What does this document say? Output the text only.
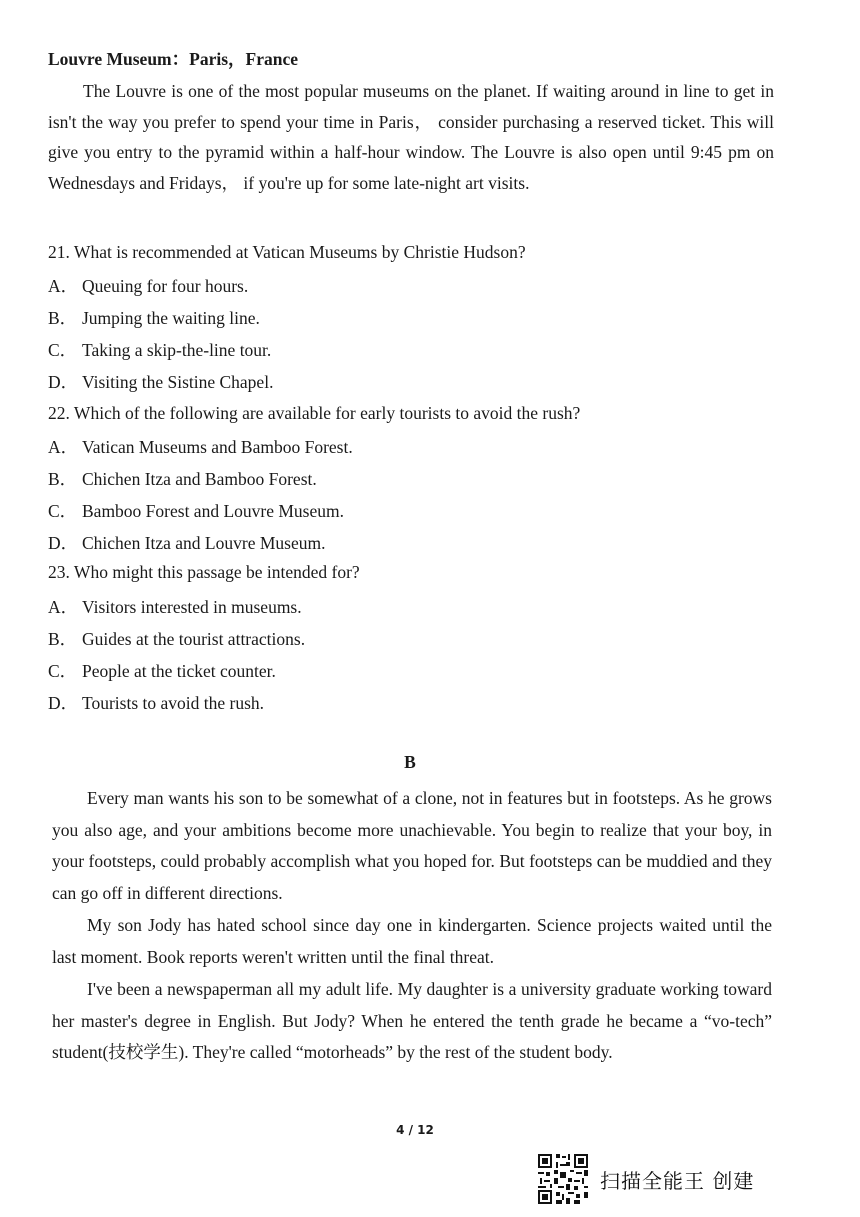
Louvre Museum：Paris，France

The Louvre is one of the most popular museums on the planet. If waiting around in line to get in isn't the way you prefer to spend your time in Paris， consider purchasing a reserved ticket. This will give you entry to the pyramid within a half-hour window. The Louvre is also open until 9:45 pm on Wednesdays and Fridays， if you're up for some late-night art visits.

21. What is recommended at Vatican Museums by Christie Hudson?
A． Queuing for four hours.
B． Jumping the waiting line.
C． Taking a skip-the-line tour.
D． Visiting the Sistine Chapel.
22. Which of the following are available for early tourists to avoid the rush?
A． Vatican Museums and Bamboo Forest.
B． Chichen Itza and Bamboo Forest.
C． Bamboo Forest and Louvre Museum.
D． Chichen Itza and Louvre Museum.
23. Who might this passage be intended for?
A． Visitors interested in museums.
B． Guides at the tourist attractions.
C． People at the ticket counter.
D． Tourists to avoid the rush.
B

Every man wants his son to be somewhat of a clone, not in features but in footsteps. As he grows you also age, and your ambitions become more unachievable. You begin to realize that your boy, in your footsteps, could probably accomplish what you hoped for. But footsteps can be muddied and they can go off in different directions.

My son Jody has hated school since day one in kindergarten. Science projects waited until the last moment. Book reports weren't written until the final threat.

I've been a newspaperman all my adult life. My daughter is a university graduate working toward her master's degree in English. But Jody? When he entered the tenth grade he became a “vo-tech” student(技校学生). They're called “motorheads” by the rest of the student body.

4 / 12
扫描全能王 创建
